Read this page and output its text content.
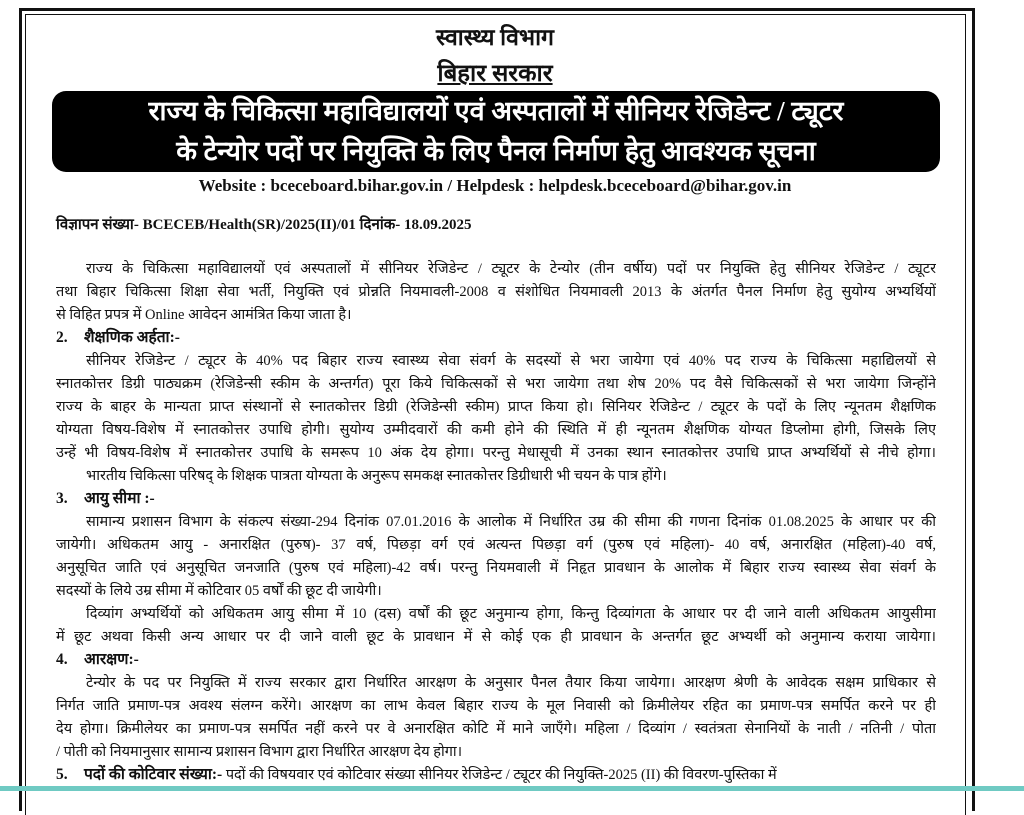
स्वास्थ्य विभाग
बिहार सरकार
राज्य के चिकित्सा महाविद्यालयों एवं अस्पतालों में सीनियर रेजिडेन्ट / ट्यूटर
के टेन्योर पदों पर नियुक्ति के लिए पैनल निर्माण हेतु आवश्यक सूचना
Website : bceceboard.bihar.gov.in / Helpdesk : helpdesk.bceceboard@bihar.gov.in
विज्ञापन संख्या- BCECEB/Health(SR)/2025(II)/01 दिनांक- 18.09.2025
राज्य के चिकित्सा महाविद्यालयों एवं अस्पतालों में सीनियर रेजिडेन्ट / ट्यूटर के टेन्योर (तीन वर्षीय) पदों पर नियुक्ति हेतु सीनियर रेजिडेन्ट / ट्यूटर
तथा बिहार चिकित्सा शिक्षा सेवा भर्ती, नियुक्ति एवं प्रोन्नति नियमावली-2008 व संशोधित नियमावली 2013 के अंतर्गत पैनल निर्माण हेतु सुयोग्य अभ्यर्थियों
से विहित प्रपत्र में Online आवेदन आमंत्रित किया जाता है।
2. शैक्षणिक अर्हता:-
सीनियर रेजिडेन्ट / ट्यूटर के 40% पद बिहार राज्य स्वास्थ्य सेवा संवर्ग के सदस्यों से भरा जायेगा एवं 40% पद राज्य के चिकित्सा महाद्यिलयों से
स्नातकोत्तर डिग्री पाठ्यक्रम (रेजिडेन्सी स्कीम के अन्तर्गत) पूरा किये चिकित्सकों से भरा जायेगा तथा शेष 20% पद वैसे चिकित्सकों से भरा जायेगा जिन्होंने
राज्य के बाहर के मान्यता प्राप्त संस्थानों से स्नातकोत्तर डिग्री (रेजिडेन्सी स्कीम) प्राप्त किया हो। सिनियर रेजिडेन्ट / ट्यूटर के पदों के लिए न्यूनतम शैक्षणिक
योग्यता विषय-विशेष में स्नातकोत्तर उपाधि होगी। सुयोग्य उम्मीदवारों की कमी होने की स्थिति में ही न्यूनतम शैक्षणिक योग्यत डिप्लोमा होगी, जिसके लिए
उन्हें भी विषय-विशेष में स्नातकोत्तर उपाधि के समरूप 10 अंक देय होगा। परन्तु मेधासूची में उनका स्थान स्नातकोत्तर उपाधि प्राप्त अभ्यर्थियों से नीचे होगा।
भारतीय चिकित्सा परिषद् के शिक्षक पात्रता योग्यता के अनुरूप समकक्ष स्नातकोत्तर डिग्रीधारी भी चयन के पात्र होंगे।
3. आयु सीमा :-
सामान्य प्रशासन विभाग के संकल्प संख्या-294 दिनांक 07.01.2016 के आलोक में निर्धारित उम्र की सीमा की गणना दिनांक 01.08.2025 के आधार पर की
जायेगी। अधिकतम आयु - अनारक्षित (पुरुष)- 37 वर्ष, पिछड़ा वर्ग एवं अत्यन्त पिछड़ा वर्ग (पुरुष एवं महिला)- 40 वर्ष, अनारक्षित (महिला)-40 वर्ष,
अनुसूचित जाति एवं अनुसूचित जनजाति (पुरुष एवं महिला)-42 वर्ष। परन्तु नियमवाली में निहृत प्रावधान के आलोक में बिहार राज्य स्वास्थ्य सेवा संवर्ग के
सदस्यों के लिये उम्र सीमा में कोटिवार 05 वर्षों की छूट दी जायेगी।
दिव्यांग अभ्यर्थियों को अधिकतम आयु सीमा में 10 (दस) वर्षों की छूट अनुमान्य होगा, किन्तु दिव्यांगता के आधार पर दी जाने वाली अधिकतम आयुसीमा
में छूट अथवा किसी अन्य आधार पर दी जाने वाली छूट के प्रावधान में से कोई एक ही प्रावधान के अन्तर्गत छूट अभ्यर्थी को अनुमान्य कराया जायेगा।
4. आरक्षण:-
टेन्योर के पद पर नियुक्ति में राज्य सरकार द्वारा निर्धारित आरक्षण के अनुसार पैनल तैयार किया जायेगा। आरक्षण श्रेणी के आवेदक सक्षम प्राधिकार से
निर्गत जाति प्रमाण-पत्र अवश्य संलग्न करेंगे। आरक्षण का लाभ केवल बिहार राज्य के मूल निवासी को क्रिमीलेयर रहित का प्रमाण-पत्र समर्पित करने पर ही
देय होगा। क्रिमीलेयर का प्रमाण-पत्र समर्पित नहीं करने पर वे अनारक्षित कोटि में माने जाएँगे। महिला / दिव्यांग / स्वतंत्रता सेनानियों के नाती / नतिनी / पोता
/ पोती को नियमानुसार सामान्य प्रशासन विभाग द्वारा निर्धारित आरक्षण देय होगा।
5. पदों की कोटिवार संख्या:- पदों की विषयवार एवं कोटिवार संख्या सीनियर रेजिडेन्ट / ट्यूटर की नियुक्ति-2025 (II) की विवरण-पुस्तिका में
